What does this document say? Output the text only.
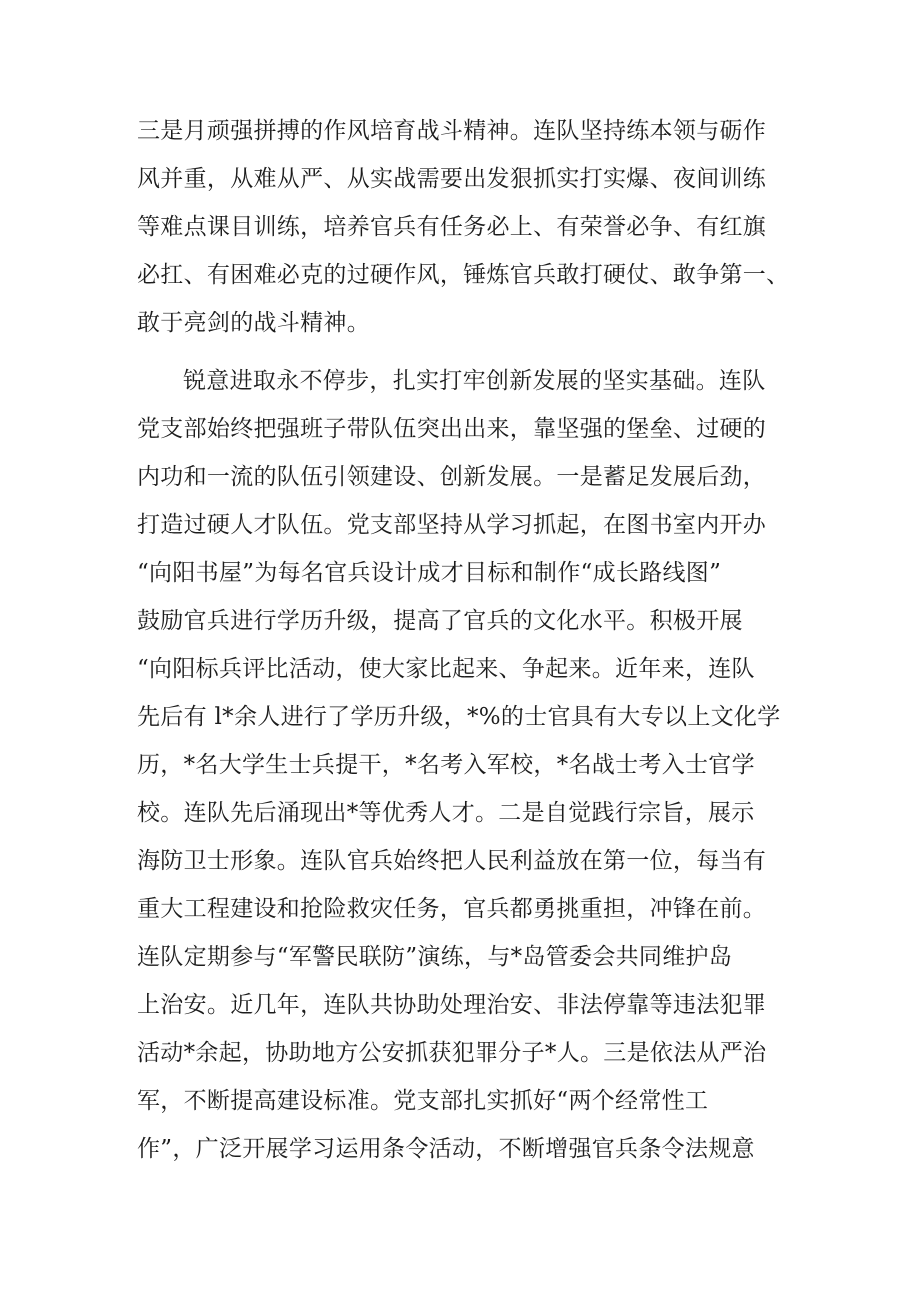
三是月顽强拼搏的作风培育战斗精神。连队坚持练本领与砺作
风并重，从难从严、从实战需要出发狠抓实打实爆、夜间训练
等难点课目训练，培养官兵有任务必上、有荣誉必争、有红旗
必扛、有困难必克的过硬作风，锤炼官兵敢打硬仗、敢争第一、
敢于亮剑的战斗精神。
锐意进取永不停步，扎实打牢创新发展的坚实基础。连队
党支部始终把强班子带队伍突出出来，靠坚强的堡垒、过硬的
内功和一流的队伍引领建设、创新发展。一是蓄足发展后劲，
打造过硬人才队伍。党支部坚持从学习抓起，在图书室内开办
“向阳书屋”为每名官兵设计成才目标和制作“成长路线图”
鼓励官兵进行学历升级，提高了官兵的文化水平。积极开展
“向阳标兵评比活动，使大家比起来、争起来。近年来，连队
先后有 l*余人进行了学历升级，*%的士官具有大专以上文化学
历，*名大学生士兵提干，*名考入军校，*名战士考入士官学
校。连队先后涌现出*等优秀人才。二是自觉践行宗旨，展示
海防卫士形象。连队官兵始终把人民利益放在第一位，每当有
重大工程建设和抢险救灾任务，官兵都勇挑重担，冲锋在前。
连队定期参与“军警民联防”演练，与*岛管委会共同维护岛
上治安。近几年，连队共协助处理治安、非法停靠等违法犯罪
活动*余起，协助地方公安抓获犯罪分子*人。三是依法从严治
军，不断提高建设标准。党支部扎实抓好“两个经常性工
作”，广泛开展学习运用条令活动，不断增强官兵条令法规意
